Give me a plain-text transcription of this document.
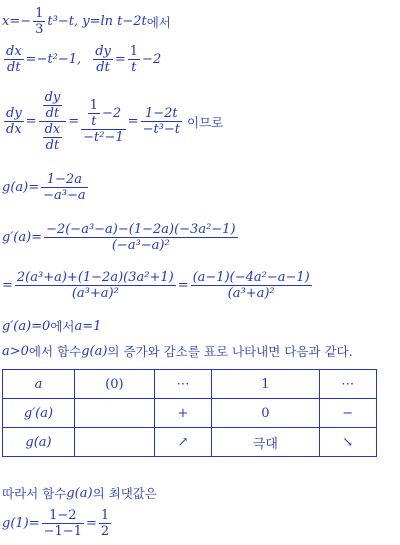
$x=- \frac{1}{3} t^3-t$, y=ln t−2t 에서
$\frac{dx}{dt} =-t^2-1$, $\frac{dy}{dt} = \frac{1}{t} -2$
$\frac{dy}{dx} = \frac{\frac{dy}{dt}}{\frac{dx}{dt}} = \frac{\frac{1}{t} -2}{\text{−t²−1}} = \frac{1-2t}{\text{−t³−t}}$ 이므로
$g(a)= \frac{1-2a}{\text{−a³−a}}$
$g'(a)= \frac{\text{−2(−a³−a)−(1−2a)(−3a²−1)}}{\text{(−a³−a)²}}$
= $\frac{\text{2(a³+a)+(1−2a)(3a²+1)}}{\text{(a³+a)²}} = \frac{\text{(a−1)(−4a²−a−1)}}{\text{(a³+a)²}}$
g′(a)=0 에서 a=1
a>0 에서 함수 g(a) 의 증가와 감소를 표로 나타내면 다음과 같다.
a	(0)	⋯	1	⋯
g′(a)		+	0	−
g(a)		↗	극대	↘
따라서 함수 g(a) 의 최댓값은
$g(1)= \frac{1-2}{-1-1} = \frac{1}{2}$
